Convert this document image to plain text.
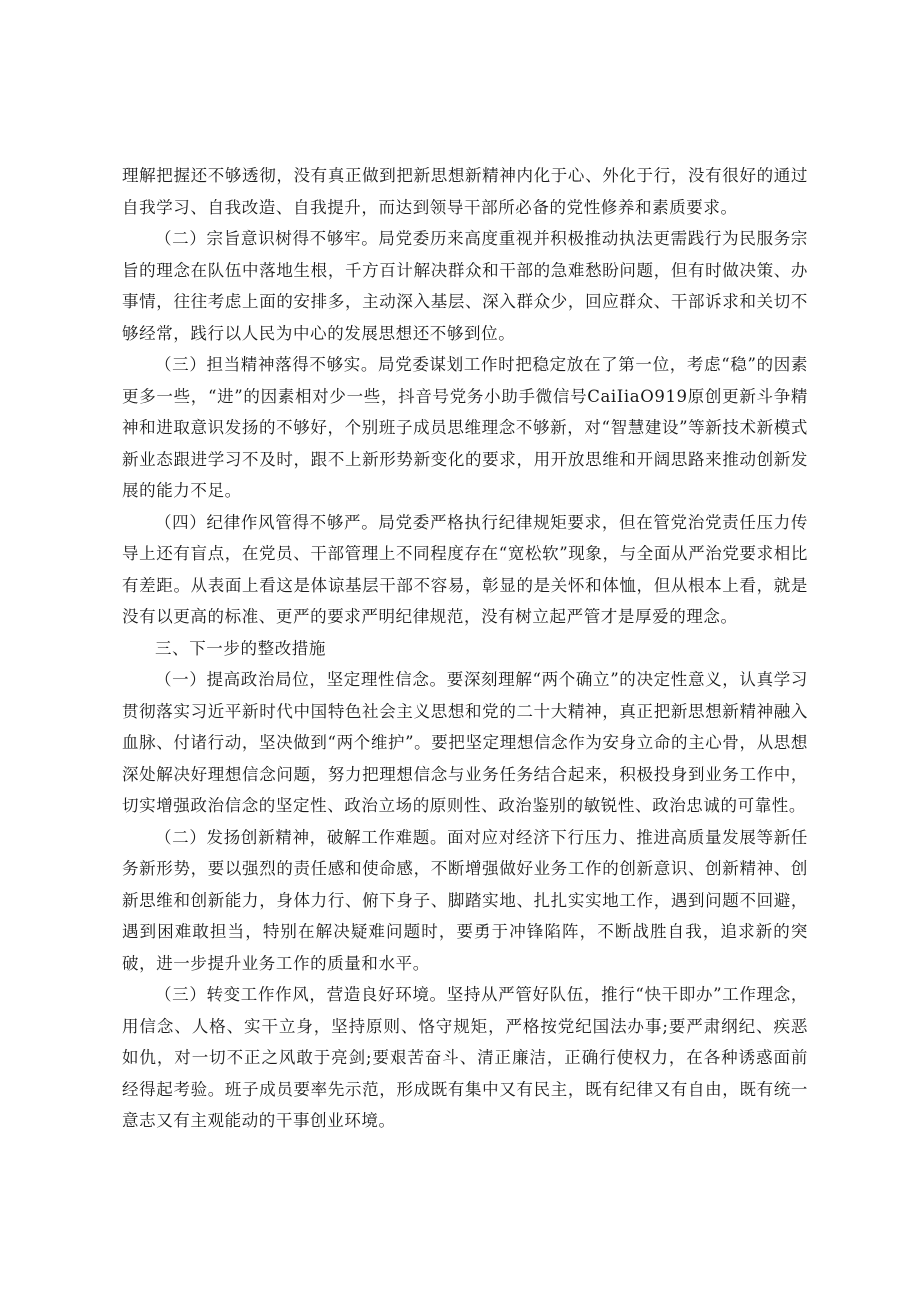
理解把握还不够透彻，没有真正做到把新思想新精神内化于心、外化于行，没有很好的通过自我学习、自我改造、自我提升，而达到领导干部所必备的党性修养和素质要求。

（二）宗旨意识树得不够牢。局党委历来高度重视并积极推动执法更需践行为民服务宗旨的理念在队伍中落地生根，千方百计解决群众和干部的急难愁盼问题，但有时做决策、办事情，往往考虑上面的安排多，主动深入基层、深入群众少，回应群众、干部诉求和关切不够经常，践行以人民为中心的发展思想还不够到位。

（三）担当精神落得不够实。局党委谋划工作时把稳定放在了第一位，考虑“稳”的因素更多一些，“进”的因素相对少一些，抖音号党务小助手微信号CaiIiaO919原创更新斗争精神和进取意识发扬的不够好，个别班子成员思维理念不够新，对“智慧建设”等新技术新模式新业态跟进学习不及时，跟不上新形势新变化的要求，用开放思维和开阔思路来推动创新发展的能力不足。

（四）纪律作风管得不够严。局党委严格执行纪律规矩要求，但在管党治党责任压力传导上还有盲点，在党员、干部管理上不同程度存在“宽松软”现象，与全面从严治党要求相比有差距。从表面上看这是体谅基层干部不容易，彰显的是关怀和体恤，但从根本上看，就是没有以更高的标准、更严的要求严明纪律规范，没有树立起严管才是厚爱的理念。

三、下一步的整改措施

（一）提高政治局位，坚定理性信念。要深刻理解“两个确立”的决定性意义，认真学习贯彻落实习近平新时代中国特色社会主义思想和党的二十大精神，真正把新思想新精神融入血脉、付诸行动，坚决做到“两个维护”。要把坚定理想信念作为安身立命的主心骨，从思想深处解决好理想信念问题，努力把理想信念与业务任务结合起来，积极投身到业务工作中，切实增强政治信念的坚定性、政治立场的原则性、政治鉴别的敏锐性、政治忠诚的可靠性。

（二）发扬创新精神，破解工作难题。面对应对经济下行压力、推进高质量发展等新任务新形势，要以强烈的责任感和使命感，不断增强做好业务工作的创新意识、创新精神、创新思维和创新能力，身体力行、俯下身子、脚踏实地、扎扎实实地工作，遇到问题不回避，遇到困难敢担当，特别在解决疑难问题时，要勇于冲锋陷阵，不断战胜自我，追求新的突破，进一步提升业务工作的质量和水平。

（三）转变工作作风，营造良好环境。坚持从严管好队伍，推行“快干即办”工作理念，用信念、人格、实干立身，坚持原则、恪守规矩，严格按党纪国法办事;要严肃纲纪、疾恶如仇，对一切不正之风敢于亮剑;要艰苦奋斗、清正廉洁，正确行使权力，在各种诱惑面前经得起考验。班子成员要率先示范，形成既有集中又有民主，既有纪律又有自由，既有统一意志又有主观能动的干事创业环境。
